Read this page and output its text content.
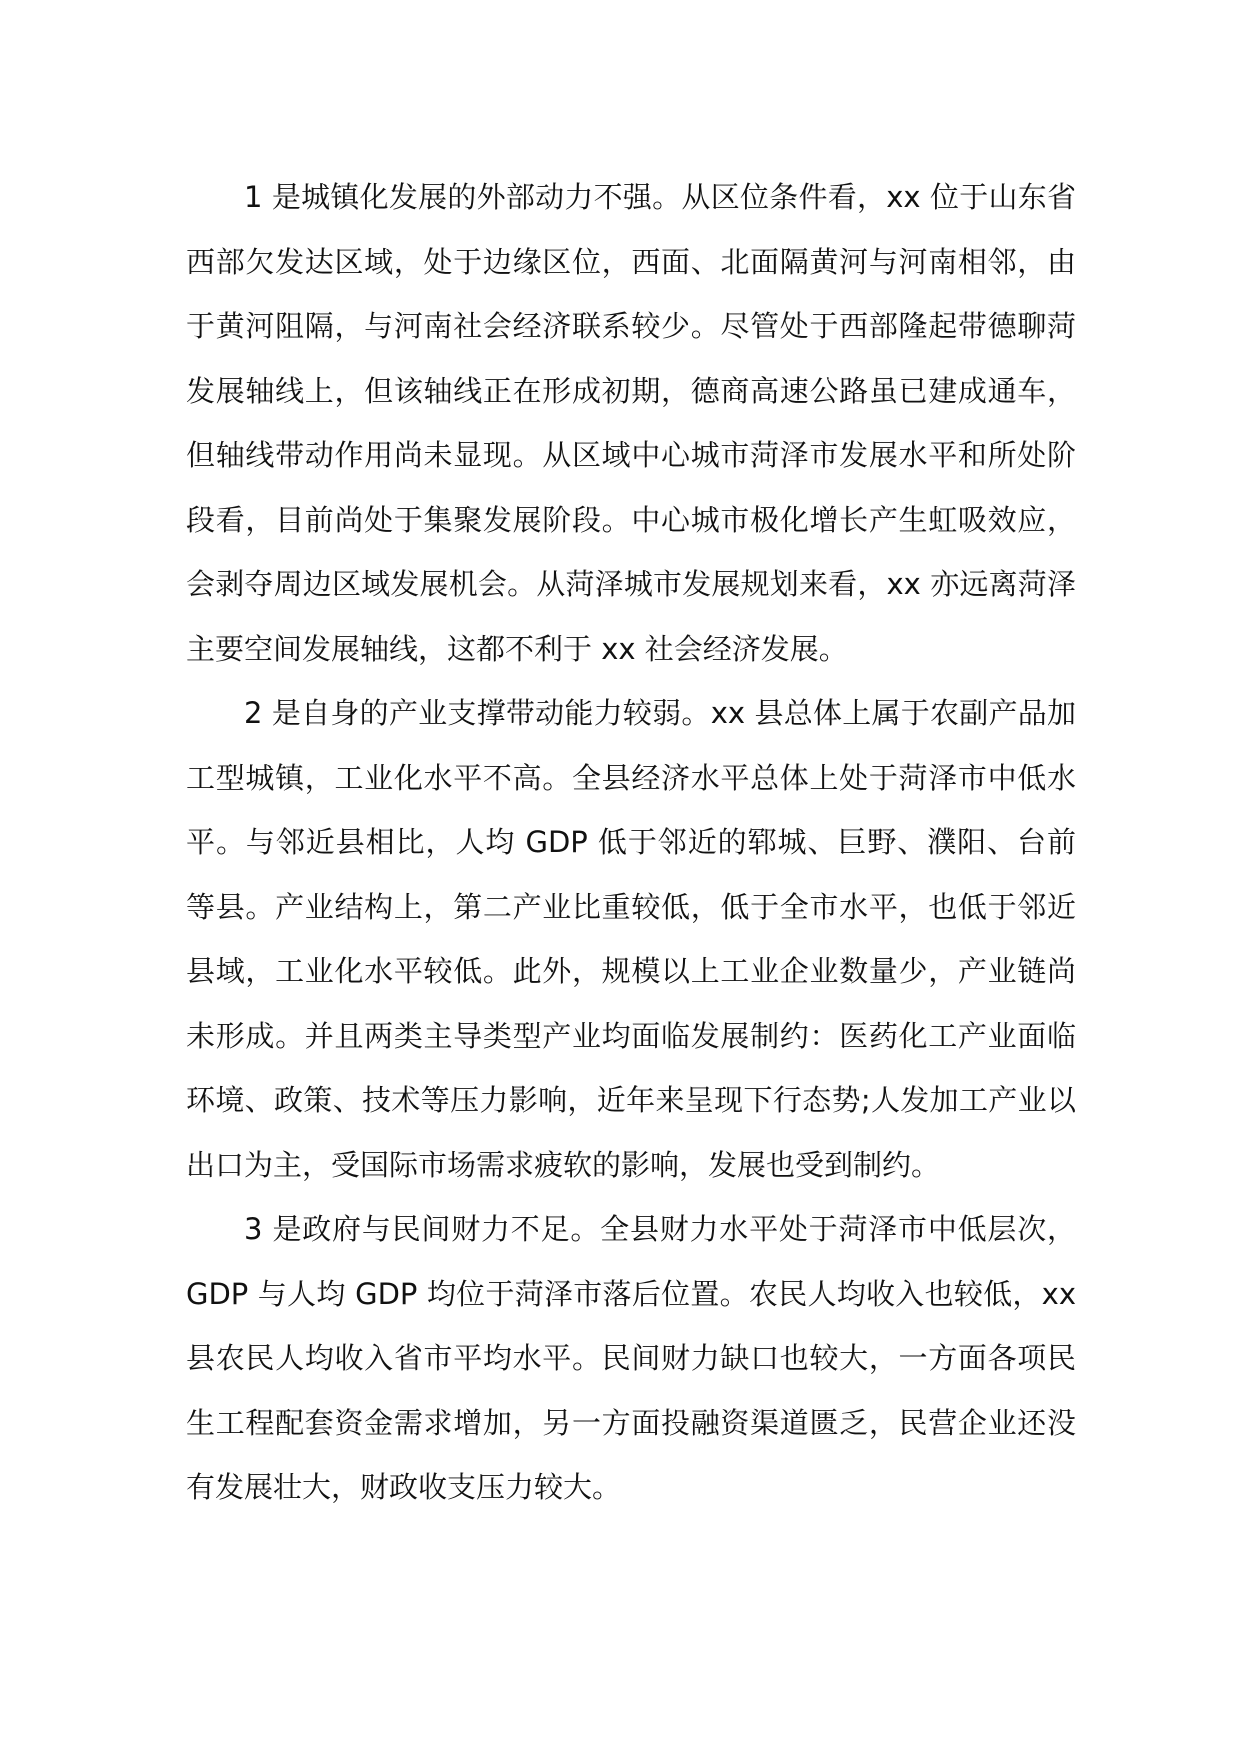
1 是城镇化发展的外部动力不强。从区位条件看，xx 位于山东省西部欠发达区域，处于边缘区位，西面、北面隔黄河与河南相邻，由于黄河阻隔，与河南社会经济联系较少。尽管处于西部隆起带德聊菏发展轴线上，但该轴线正在形成初期，德商高速公路虽已建成通车，但轴线带动作用尚未显现。从区域中心城市菏泽市发展水平和所处阶段看，目前尚处于集聚发展阶段。中心城市极化增长产生虹吸效应，会剥夺周边区域发展机会。从菏泽城市发展规划来看，xx 亦远离菏泽主要空间发展轴线，这都不利于 xx 社会经济发展。

2 是自身的产业支撑带动能力较弱。xx 县总体上属于农副产品加工型城镇，工业化水平不高。全县经济水平总体上处于菏泽市中低水平。与邻近县相比，人均 GDP 低于邻近的郓城、巨野、濮阳、台前等县。产业结构上，第二产业比重较低，低于全市水平，也低于邻近县域，工业化水平较低。此外，规模以上工业企业数量少，产业链尚未形成。并且两类主导类型产业均面临发展制约：医药化工产业面临环境、政策、技术等压力影响，近年来呈现下行态势;人发加工产业以出口为主，受国际市场需求疲软的影响，发展也受到制约。

3 是政府与民间财力不足。全县财力水平处于菏泽市中低层次，GDP 与人均 GDP 均位于菏泽市落后位置。农民人均收入也较低，xx 县农民人均收入省市平均水平。民间财力缺口也较大，一方面各项民生工程配套资金需求增加，另一方面投融资渠道匮乏，民营企业还没有发展壮大，财政收支压力较大。
